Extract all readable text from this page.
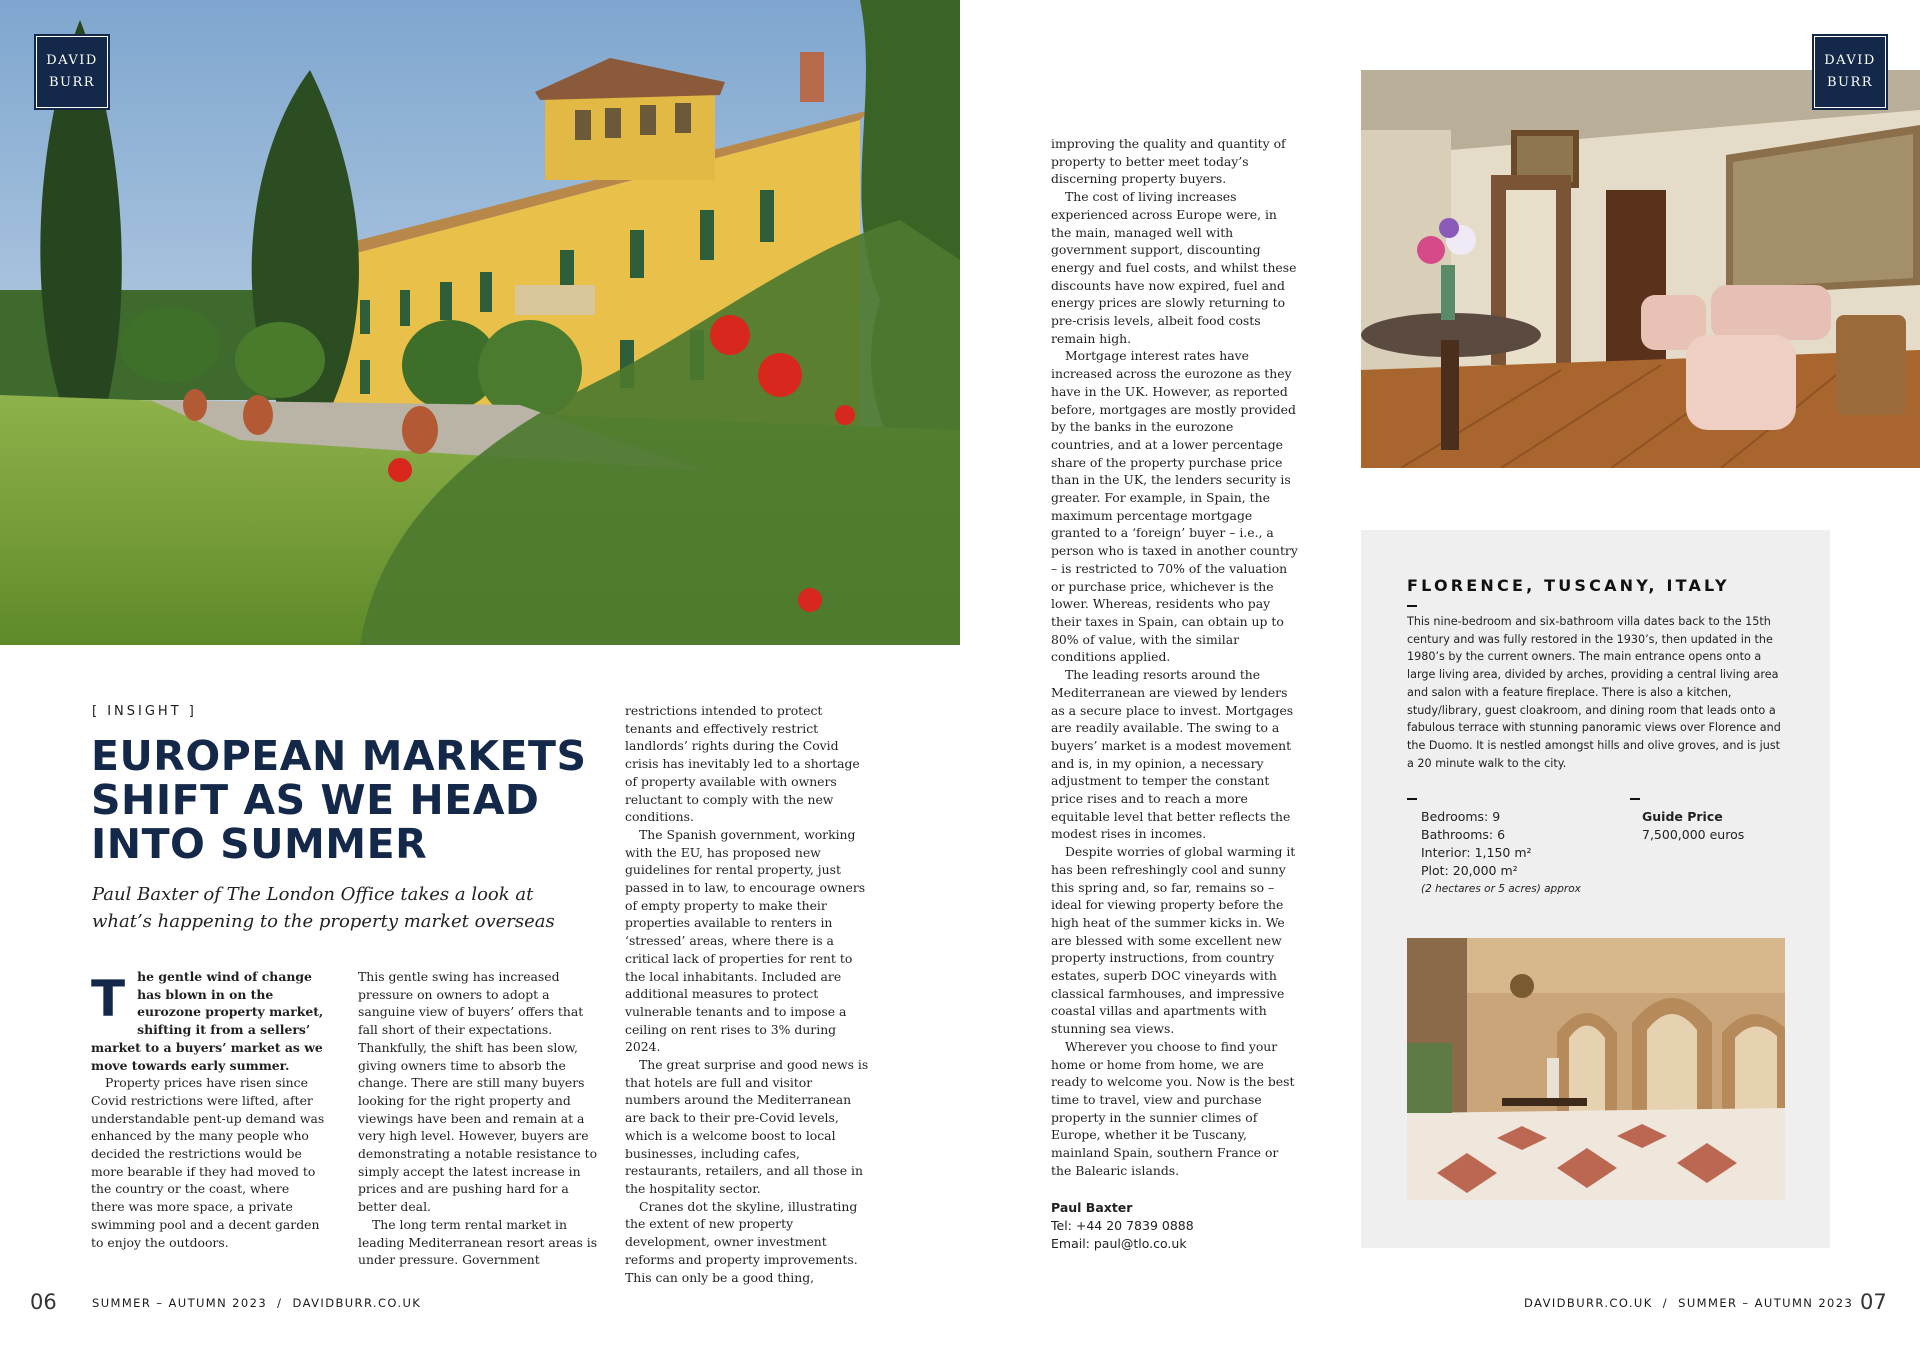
DAVID
BURR
[ INSIGHT ]
EUROPEAN MARKETS
SHIFT AS WE HEAD
INTO SUMMER
Paul Baxter of The London Office takes a look at
what’s happening to the property market overseas
T he gentle wind of change has blown in on the eurozone property market, shifting it from a sellers’ market to a buyers’ market as we move towards early summer.

Property prices have risen since Covid restrictions were lifted, after understandable pent-up demand was enhanced by the many people who decided the restrictions would be more bearable if they had moved to the country or the coast, where there was more space, a private swimming pool and a decent garden to enjoy the outdoors.

This gentle swing has increased pressure on owners to adopt a sanguine view of buyers’ offers that fall short of their expectations. Thankfully, the shift has been slow, giving owners time to absorb the change. There are still many buyers looking for the right property and viewings have been and remain at a very high level. However, buyers are demonstrating a notable resistance to simply accept the latest increase in prices and are pushing hard for a better deal.

The long term rental market in leading Mediterranean resort areas is under pressure. Government

restrictions intended to protect tenants and effectively restrict landlords’ rights during the Covid crisis has inevitably led to a shortage of property available with owners reluctant to comply with the new conditions.

The Spanish government, working with the EU, has proposed new guidelines for rental property, just passed in to law, to encourage owners of empty property to make their properties available to renters in ‘stressed’ areas, where there is a critical lack of properties for rent to the local inhabitants. Included are additional measures to protect vulnerable tenants and to impose a ceiling on rent rises to 3% during 2024.

The great surprise and good news is that hotels are full and visitor numbers around the Mediterranean are back to their pre-Covid levels, which is a welcome boost to local businesses, including cafes, restaurants, retailers, and all those in the hospitality sector.

Cranes dot the skyline, illustrating the extent of new property development, owner investment reforms and property improvements. This can only be a good thing,

06	SUMMER – AUTUMN 2023  /  DAVIDBURR.CO.UK

improving the quality and quantity of property to better meet today’s discerning property buyers.

The cost of living increases experienced across Europe were, in the main, managed well with government support, discounting energy and fuel costs, and whilst these discounts have now expired, fuel and energy prices are slowly returning to pre-crisis levels, albeit food costs remain high.

Mortgage interest rates have increased across the eurozone as they have in the UK. However, as reported before, mortgages are mostly provided by the banks in the eurozone countries, and at a lower percentage share of the property purchase price than in the UK, the lenders security is greater. For example, in Spain, the maximum percentage mortgage granted to a ‘foreign’ buyer – i.e., a person who is taxed in another country – is restricted to 70% of the valuation or purchase price, whichever is the lower. Whereas, residents who pay their taxes in Spain, can obtain up to 80% of value, with the similar conditions applied.

The leading resorts around the Mediterranean are viewed by lenders as a secure place to invest. Mortgages are readily available. The swing to a buyers’ market is a modest movement and is, in my opinion, a necessary adjustment to temper the constant price rises and to reach a more equitable level that better reflects the modest rises in incomes.

Despite worries of global warming it has been refreshingly cool and sunny this spring and, so far, remains so – ideal for viewing property before the high heat of the summer kicks in. We are blessed with some excellent new property instructions, from country estates, superb DOC vineyards with classical farmhouses, and impressive coastal villas and apartments with stunning sea views.

Wherever you choose to find your home or home from home, we are ready to welcome you. Now is the best time to travel, view and purchase property in the sunnier climes of Europe, whether it be Tuscany, mainland Spain, southern France or the Balearic islands.

Paul Baxter
Tel: +44 20 7839 0888
Email: paul@tlo.co.uk
DAVID
BURR
FLORENCE, TUSCANY, ITALY
This nine-bedroom and six-bathroom villa dates back to the 15th century and was fully restored in the 1930’s, then updated in the 1980’s by the current owners. The main entrance opens onto a large living area, divided by arches, providing a central living area and salon with a feature fireplace. There is also a kitchen, study/library, guest cloakroom, and dining room that leads onto a fabulous terrace with stunning panoramic views over Florence and the Duomo. It is nestled amongst hills and olive groves, and is just a 20 minute walk to the city.
Bedrooms: 9
Bathrooms: 6
Interior: 1,150 m²
Plot: 20,000 m²
(2 hectares or 5 acres) approx
Guide Price
7,500,000 euros
DAVIDBURR.CO.UK  /  SUMMER – AUTUMN 2023 07
